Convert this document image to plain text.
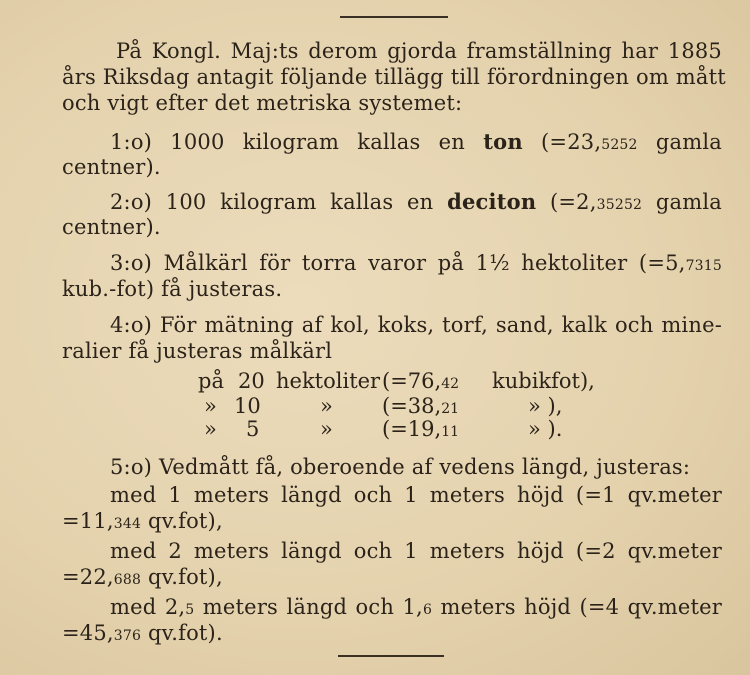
På Kongl. Maj:ts derom gjorda framställning har 1885
års Riksdag antagit följande tillägg till förordningen om mått
och vigt efter det metriska systemet:
1:o) 1000 kilogram kallas en ton (=23,5252 gamla
centner).
2:o) 100 kilogram kallas en deciton (=2,35252 gamla
centner).
3:o) Målkärl för torra varor på 1½ hektoliter (=5,7315
kub.-fot) få justeras.
4:o) För mätning af kol, koks, torf, sand, kalk och mine-
ralier få justeras målkärl
på 20 hektoliter (=76,42 kubikfot),
» 10	» (=38,21	» ),
» 5	» (=19,11	» ).
5:o) Vedmått få, oberoende af vedens längd, justeras:
med 1 meters längd och 1 meters höjd (=1 qv.meter
=11,344 qv.fot),
med 2 meters längd och 1 meters höjd (=2 qv.meter
=22,688 qv.fot),
med 2,5 meters längd och 1,6 meters höjd (=4 qv.meter
=45,376 qv.fot).
